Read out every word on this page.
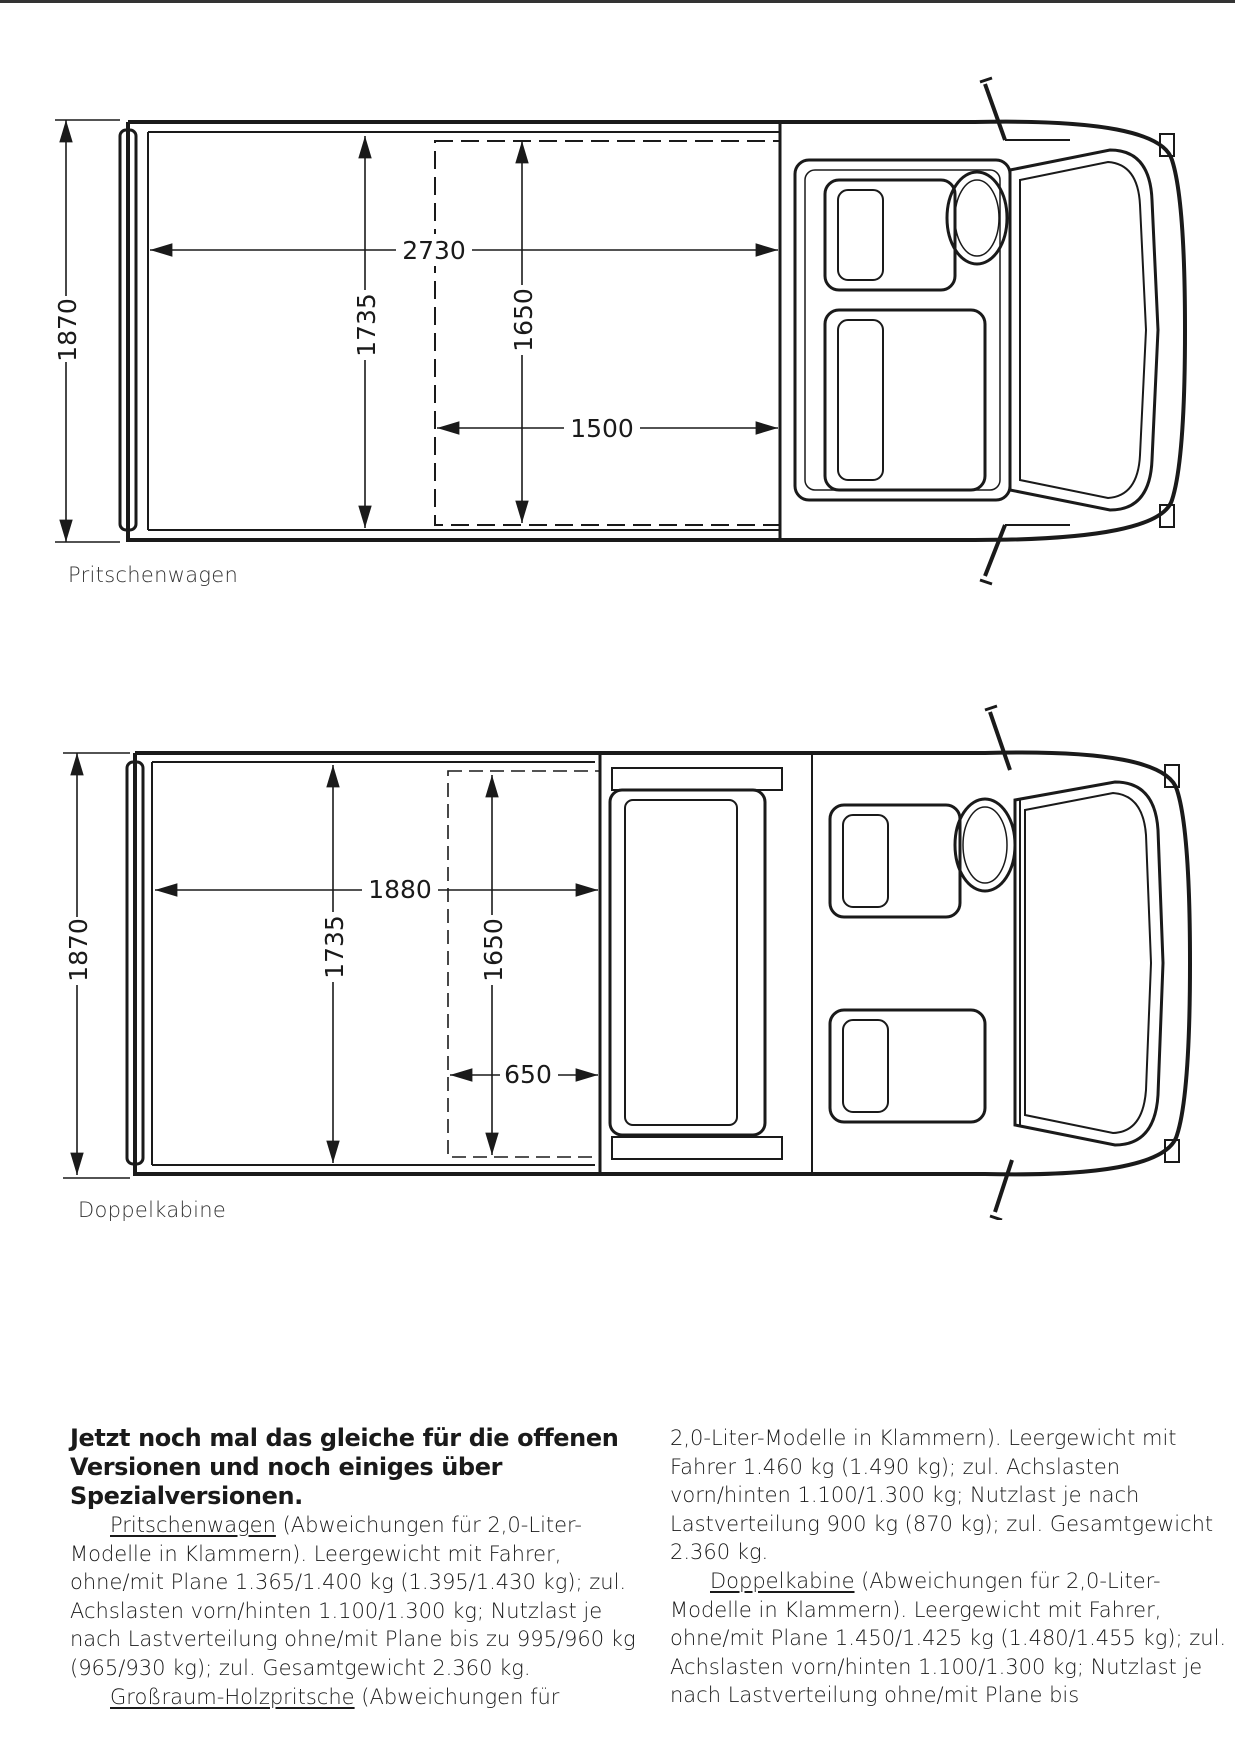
1870	1735	1650
2730
1500
Pritschenwagen
1870	1735	1650
1880
650
Doppelkabine

Jetzt noch mal das gleiche für die offenen Versionen und noch einiges über Spezialversionen.

Pritschenwagen (Abweichungen für 2,0-Liter-Modelle in Klammern). Leergewicht mit Fahrer, ohne/mit Plane 1.365/1.400 kg (1.395/1.430 kg); zul. Achslasten vorn/hinten 1.100/1.300 kg; Nutzlast je nach Lastverteilung ohne/mit Plane bis zu 995/960 kg (965/930 kg); zul. Gesamtgewicht 2.360 kg.

Großraum-Holzpritsche (Abweichungen für

2,0-Liter-Modelle in Klammern). Leergewicht mit Fahrer 1.460 kg (1.490 kg); zul. Achslasten vorn/hinten 1.100/1.300 kg; Nutzlast je nach Lastverteilung 900 kg (870 kg); zul. Gesamtgewicht 2.360 kg.

Doppelkabine (Abweichungen für 2,0-Liter-Modelle in Klammern). Leergewicht mit Fahrer, ohne/mit Plane 1.450/1.425 kg (1.480/1.455 kg); zul. Achslasten vorn/hinten 1.100/1.300 kg; Nutzlast je nach Lastverteilung ohne/mit Plane bis
